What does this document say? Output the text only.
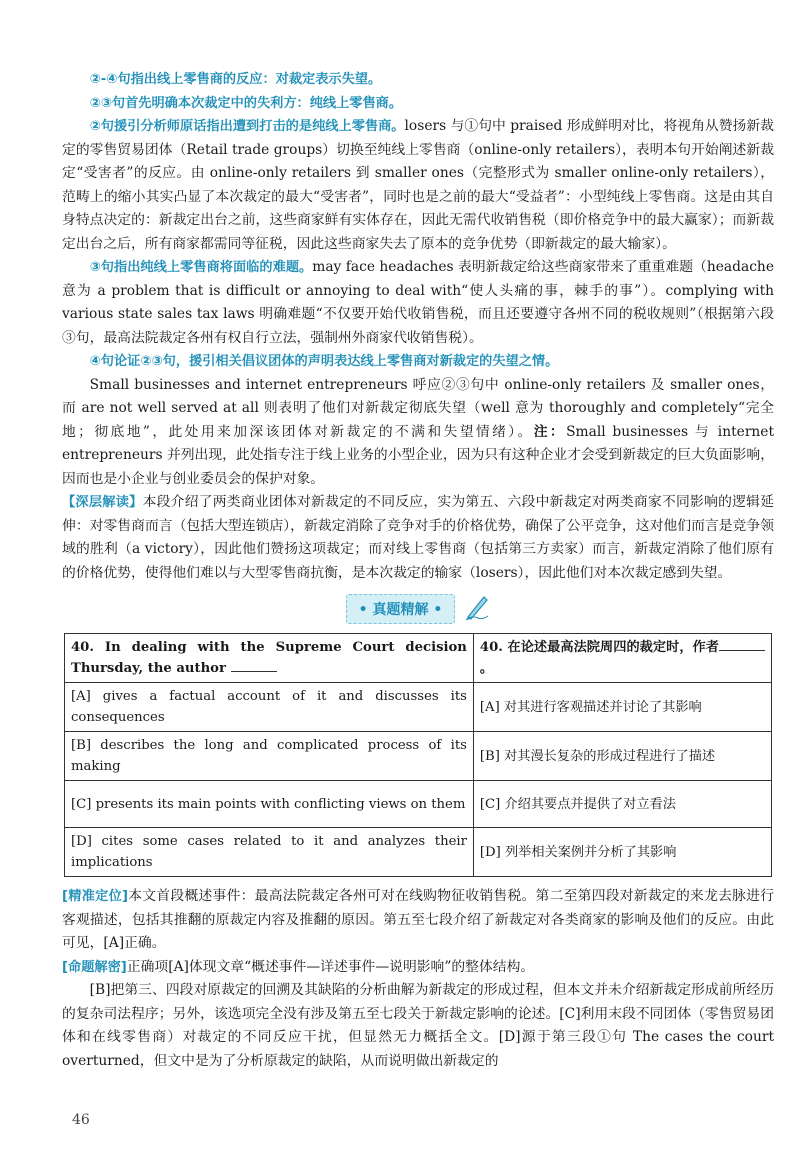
②-④句指出线上零售商的反应：对裁定表示失望。

②③句首先明确本次裁定中的失利方：纯线上零售商。

②句援引分析师原话指出遭到打击的是纯线上零售商。losers 与①句中 praised 形成鲜明对比，将视角从赞扬新裁定的零售贸易团体（Retail trade groups）切换至纯线上零售商（online-only retailers），表明本句开始阐述新裁定“受害者”的反应。由 online-only retailers 到 smaller ones（完整形式为 smaller online-only retailers），范畴上的缩小其实凸显了本次裁定的最大“受害者”，同时也是之前的最大“受益者”：小型纯线上零售商。这是由其自身特点决定的：新裁定出台之前，这些商家鲜有实体存在，因此无需代收销售税（即价格竞争中的最大赢家）；而新裁定出台之后，所有商家都需同等征税，因此这些商家失去了原本的竞争优势（即新裁定的最大输家）。

③句指出纯线上零售商将面临的难题。may face headaches 表明新裁定给这些商家带来了重重难题（headache 意为 a problem that is difficult or annoying to deal with“使人头痛的事，棘手的事”）。complying with various state sales tax laws 明确难题“不仅要开始代收销售税，而且还要遵守各州不同的税收规则”（根据第六段③句，最高法院裁定各州有权自行立法，强制州外商家代收销售税）。

④句论证②③句，援引相关倡议团体的声明表达线上零售商对新裁定的失望之情。

Small businesses and internet entrepreneurs 呼应②③句中 online-only retailers 及 smaller ones，而 are not well served at all 则表明了他们对新裁定彻底失望（well 意为 thoroughly and completely“完全地；彻底地”，此处用来加深该团体对新裁定的不满和失望情绪）。注：Small businesses 与 internet entrepreneurs 并列出现，此处指专注于线上业务的小型企业，因为只有这种企业才会受到新裁定的巨大负面影响，因而也是小企业与创业委员会的保护对象。

【深层解读】本段介绍了两类商业团体对新裁定的不同反应，实为第五、六段中新裁定对两类商家不同影响的逻辑延伸：对零售商而言（包括大型连锁店），新裁定消除了竞争对手的价格优势，确保了公平竞争，这对他们而言是竞争领域的胜利（a victory），因此他们赞扬这项裁定；而对线上零售商（包括第三方卖家）而言，新裁定消除了他们原有的价格优势，使得他们难以与大型零售商抗衡，是本次裁定的输家（losers），因此他们对本次裁定感到失望。

• 真题精解 •
40. In dealing with the Supreme Court decision Thursday, the author	40. 在论述最高法院周四的裁定时，作者。
[A] gives a factual account of it and discusses its consequences	[A] 对其进行客观描述并讨论了其影响
[B] describes the long and complicated process of its making	[B] 对其漫长复杂的形成过程进行了描述
[C] presents its main points with conflicting views on them	[C] 介绍其要点并提供了对立看法
[D] cites some cases related to it and analyzes their implications	[D] 列举相关案例并分析了其影响

[精准定位]本文首段概述事件：最高法院裁定各州可对在线购物征收销售税。第二至第四段对新裁定的来龙去脉进行客观描述，包括其推翻的原裁定内容及推翻的原因。第五至七段介绍了新裁定对各类商家的影响及他们的反应。由此可见，[A]正确。

[命题解密]正确项[A]体现文章“概述事件—详述事件—说明影响”的整体结构。

[B]把第三、四段对原裁定的回溯及其缺陷的分析曲解为新裁定的形成过程，但本文并未介绍新裁定形成前所经历的复杂司法程序；另外，该选项完全没有涉及第五至七段关于新裁定影响的论述。[C]利用末段不同团体（零售贸易团体和在线零售商）对裁定的不同反应干扰，但显然无力概括全文。[D]源于第三段①句 The cases the court overturned，但文中是为了分析原裁定的缺陷，从而说明做出新裁定的

46
